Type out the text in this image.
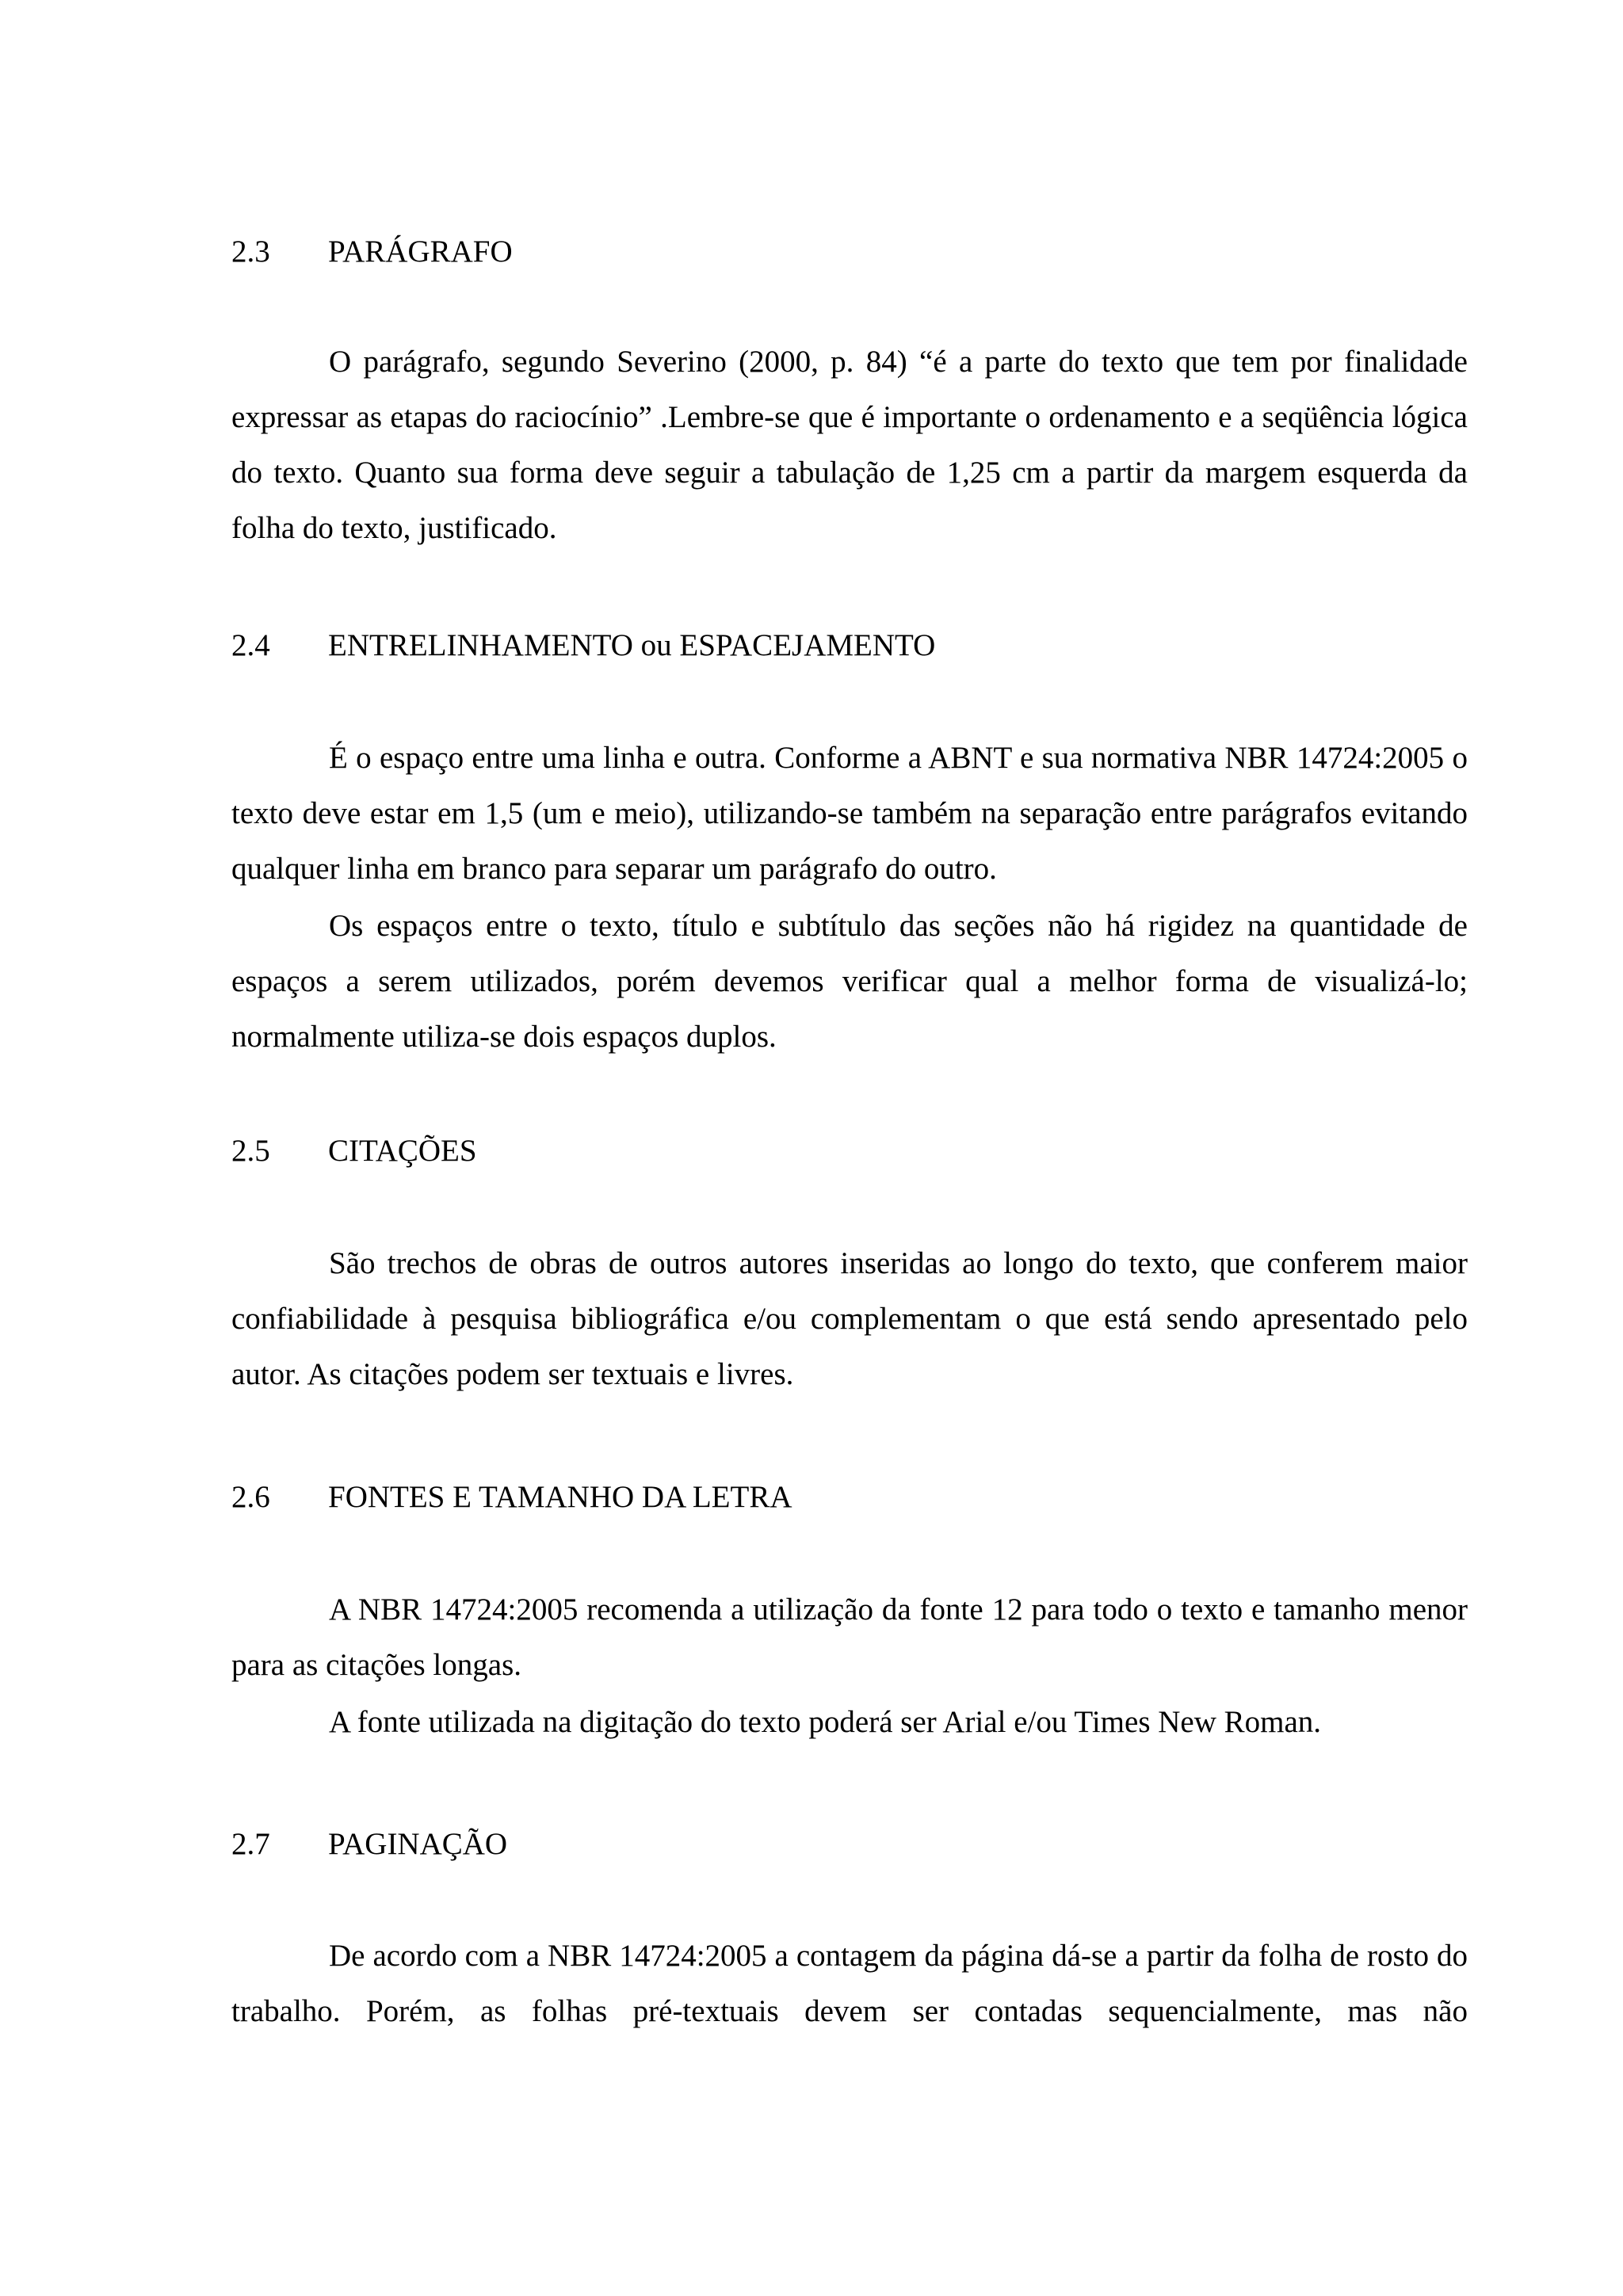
2.3 PARÁGRAFO

O parágrafo, segundo Severino (2000, p. 84) “é a parte do texto que tem por finalidade expressar as etapas do raciocínio” .Lembre-se que é importante o ordenamento e a seqüência lógica do texto. Quanto sua forma deve seguir a tabulação de 1,25 cm a partir da margem esquerda da folha do texto, justificado.

2.4 ENTRELINHAMENTO ou ESPACEJAMENTO

É o espaço entre uma linha e outra. Conforme a ABNT e sua normativa NBR 14724:2005 o texto deve estar em 1,5 (um e meio), utilizando-se também na separação entre parágrafos evitando qualquer linha em branco para separar um parágrafo do outro.

Os espaços entre o texto, título e subtítulo das seções não há rigidez na quantidade de espaços a serem utilizados, porém devemos verificar qual a melhor forma de visualizá-lo; normalmente utiliza-se dois espaços duplos.

2.5 CITAÇÕES

São trechos de obras de outros autores inseridas ao longo do texto, que conferem maior confiabilidade à pesquisa bibliográfica e/ou complementam o que está sendo apresentado pelo autor. As citações podem ser textuais e livres.

2.6 FONTES E TAMANHO DA LETRA

A NBR 14724:2005 recomenda a utilização da fonte 12 para todo o texto e tamanho menor para as citações longas.

A fonte utilizada na digitação do texto poderá ser Arial e/ou Times New Roman.

2.7 PAGINAÇÃO

De acordo com a NBR 14724:2005 a contagem da página dá-se a partir da folha de rosto do trabalho. Porém, as folhas pré-textuais devem ser contadas sequencialmente, mas não
